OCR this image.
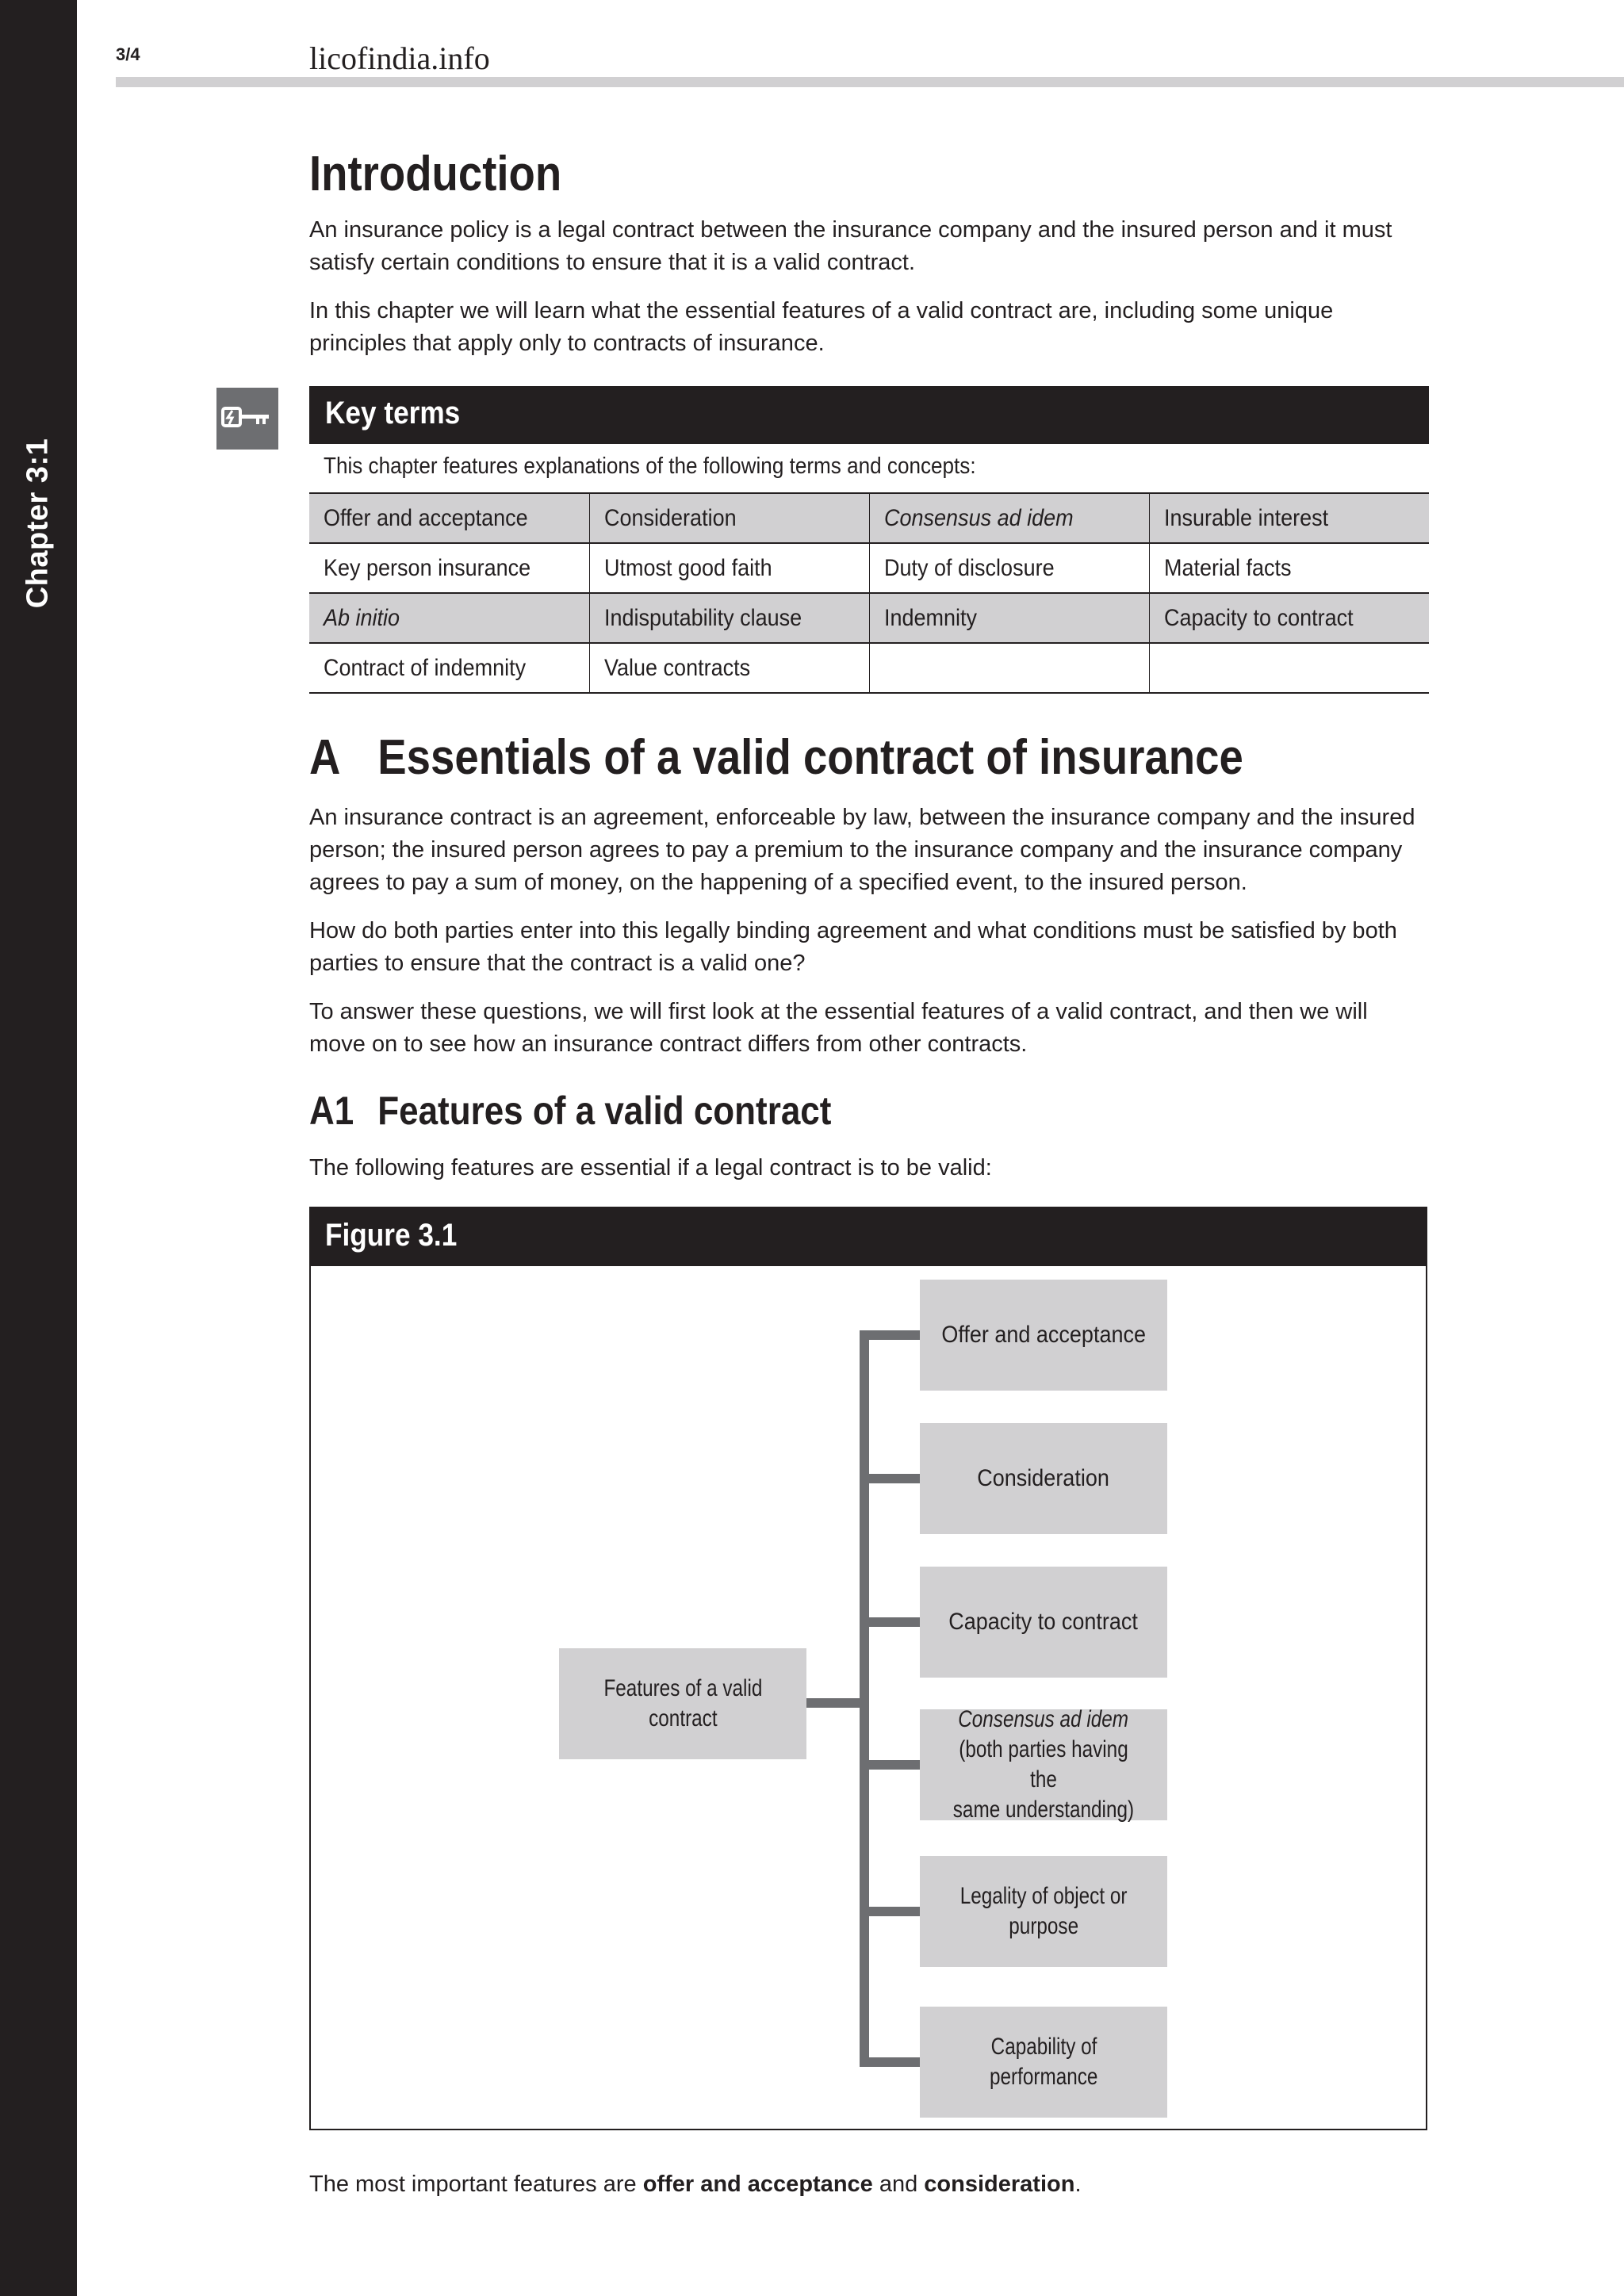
Chapter 3:1
3/4	licofindia.info
Introduction

An insurance policy is a legal contract between the insurance company and the insured person and it must satisfy certain conditions to ensure that it is a valid contract.

In this chapter we will learn what the essential features of a valid contract are, including some unique principles that apply only to contracts of insurance.

Key terms
This chapter features explanations of the following terms and concepts:
Offer and acceptance	Consideration	Consensus ad idem	Insurable interest
Key person insurance	Utmost good faith	Duty of disclosure	Material facts
Ab initio	Indisputability clause	Indemnity	Capacity to contract
Contract of indemnity	Value contracts		
A Essentials of a valid contract of insurance

An insurance contract is an agreement, enforceable by law, between the insurance company and the insured person; the insured person agrees to pay a premium to the insurance company and the insurance company agrees to pay a sum of money, on the happening of a specified event, to the insured person.

How do both parties enter into this legally binding agreement and what conditions must be satisfied by both parties to ensure that the contract is a valid one?

To answer these questions, we will first look at the essential features of a valid contract, and then we will move on to see how an insurance contract differs from other contracts.

A1 Features of a valid contract

The following features are essential if a legal contract is to be valid:

Figure 3.1
Features of a valid
contract
Offer and acceptance
Consideration
Capacity to contract
Consensus ad idem
(both parties having the
same understanding)
Legality of object or
purpose
Capability of
performance

The most important features are offer and acceptance and consideration.
